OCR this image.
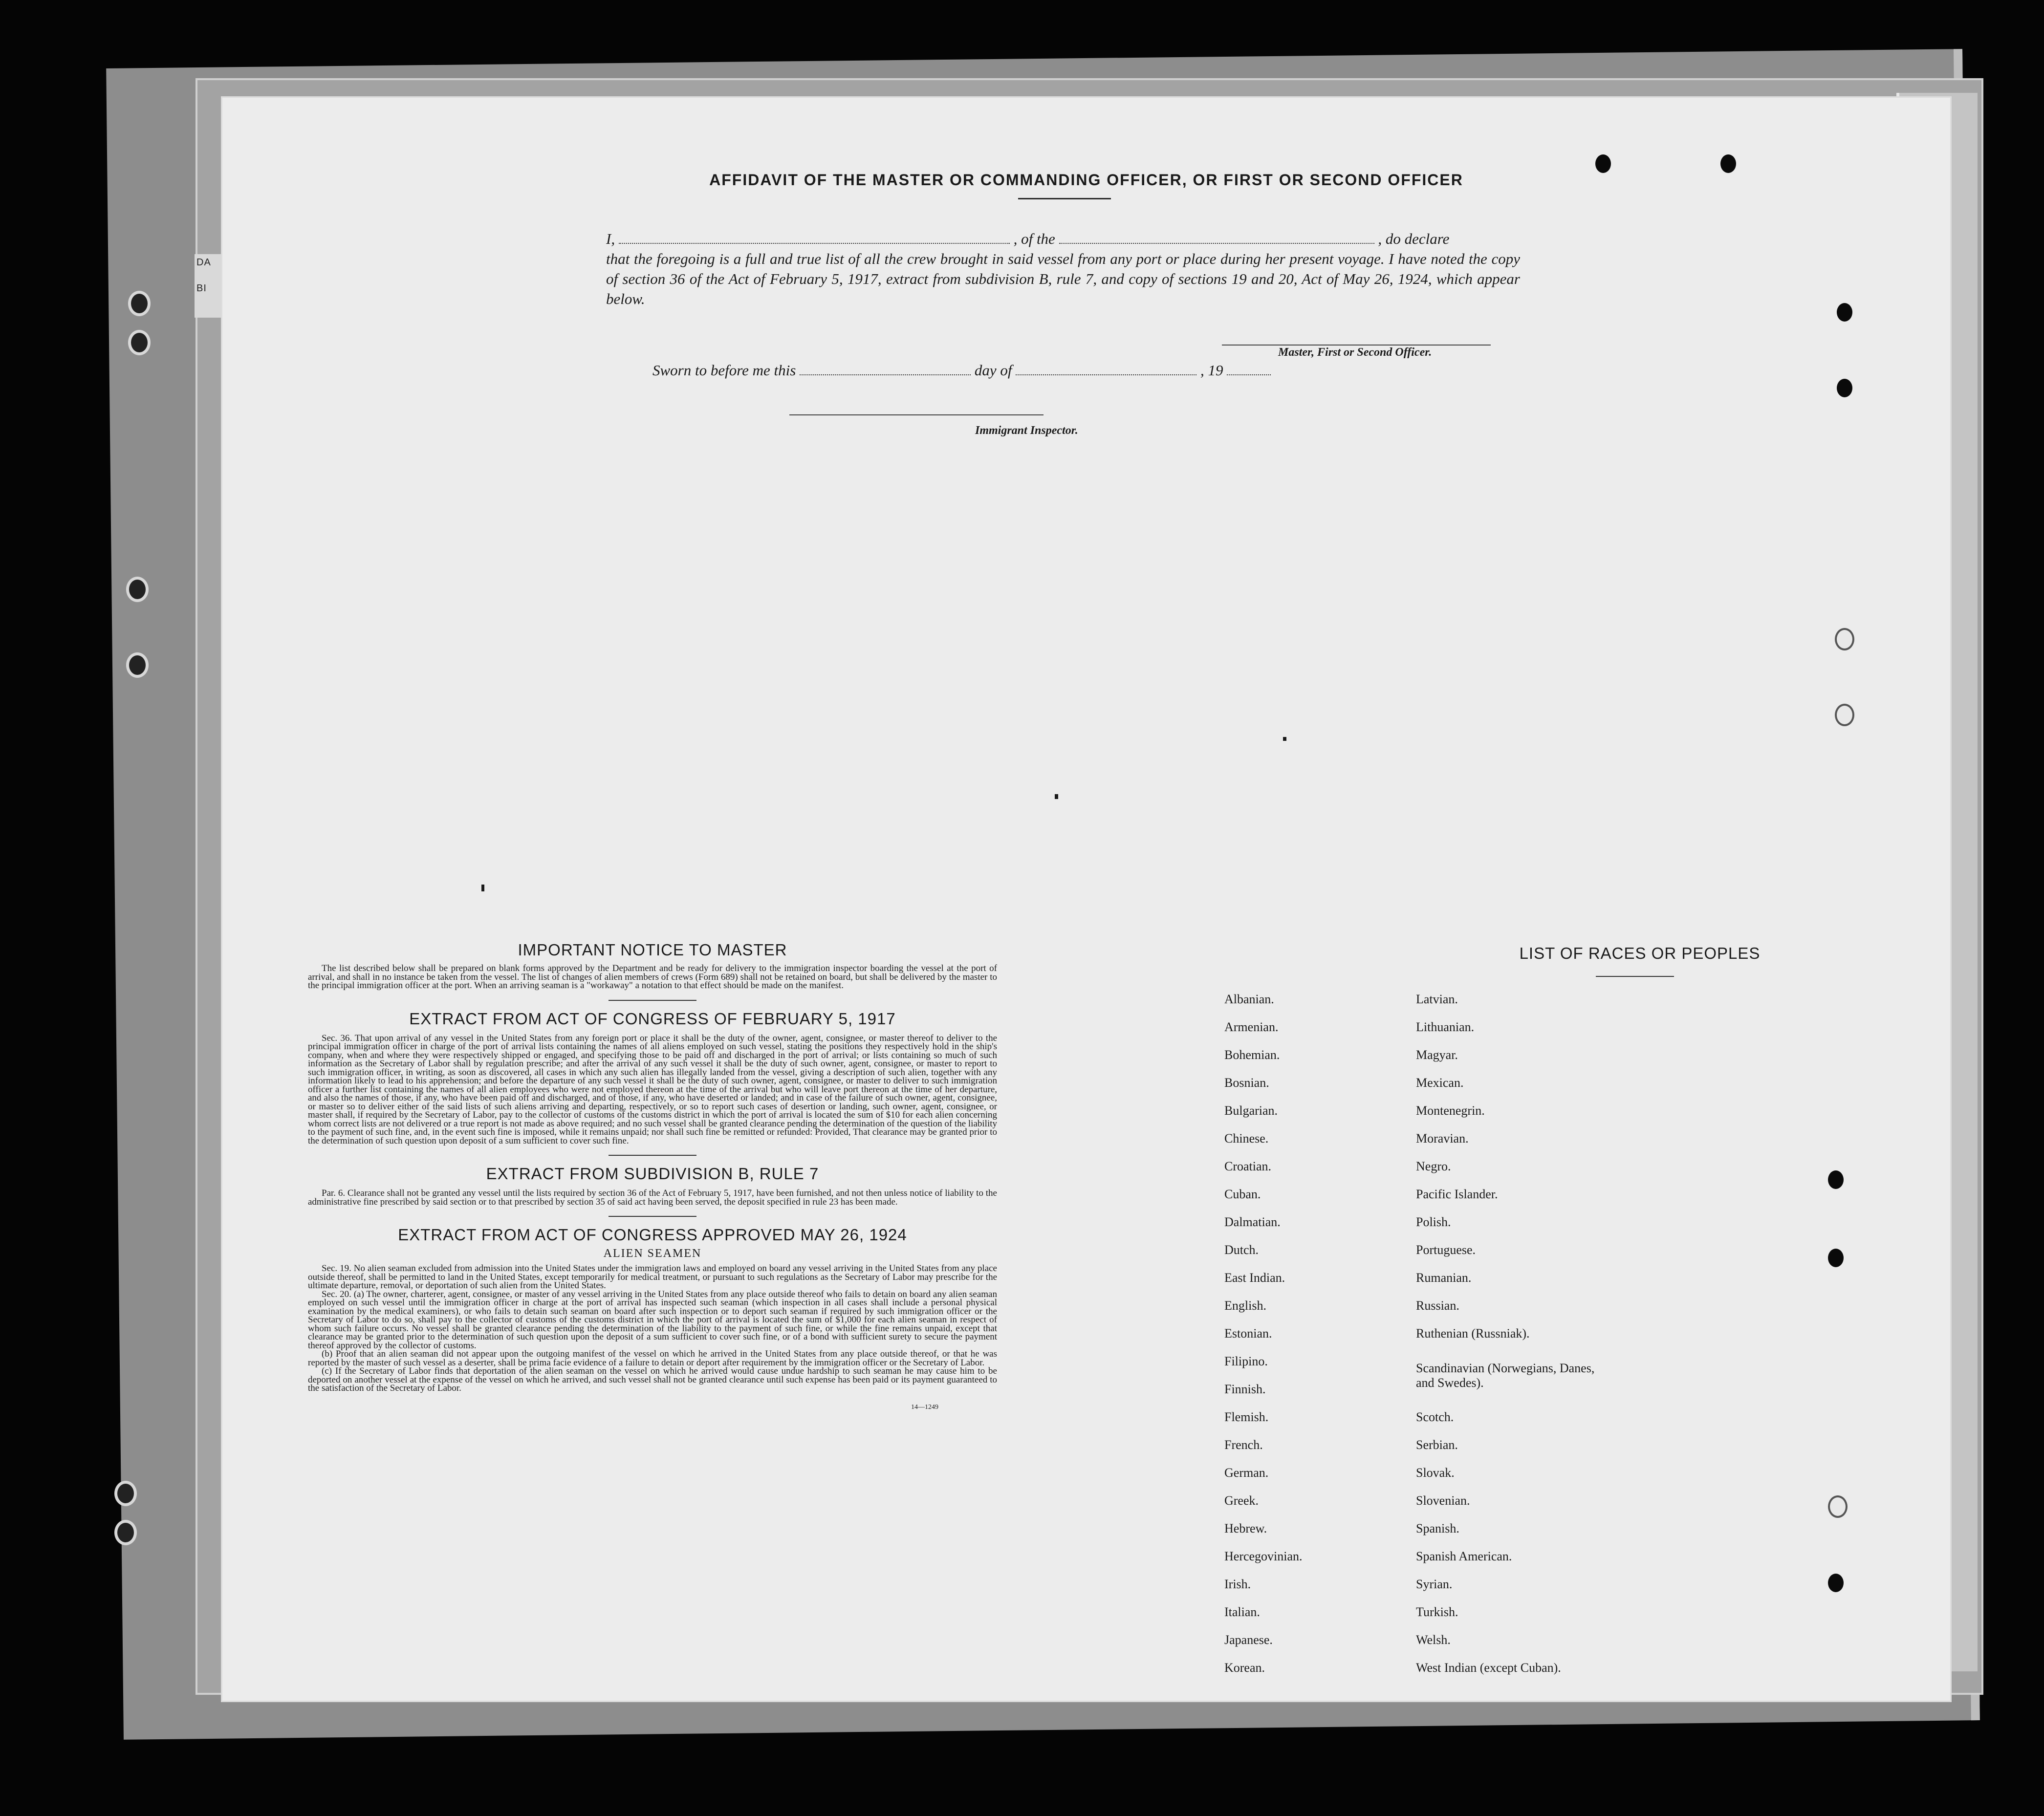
DA
BI
AFFIDAVIT OF THE MASTER OR COMMANDING OFFICER, OR FIRST OR SECOND OFFICER
I,	, of the	, do declare
that the foregoing is a full and true list of all the crew brought in said vessel from any port or place during her present voyage. I have noted the copy of section 36 of the Act of February 5, 1917, extract from subdivision B, rule 7, and copy of sections 19 and 20, Act of May 26, 1924, which appear below.
Master, First or Second Officer.
Sworn to before me this	day of	, 19
Immigrant Inspector.
IMPORTANT NOTICE TO MASTER

The list described below shall be prepared on blank forms approved by the Department and be ready for delivery to the immigration inspector boarding the vessel at the port of arrival, and shall in no instance be taken from the vessel. The list of changes of alien members of crews (Form 689) shall not be retained on board, but shall be delivered by the master to the principal immigration officer at the port. When an arriving seaman is a "workaway" a notation to that effect should be made on the manifest.

EXTRACT FROM ACT OF CONGRESS OF FEBRUARY 5, 1917

Sec. 36. That upon arrival of any vessel in the United States from any foreign port or place it shall be the duty of the owner, agent, consignee, or master thereof to deliver to the principal immigration officer in charge of the port of arrival lists containing the names of all aliens employed on such vessel, stating the positions they respectively hold in the ship's company, when and where they were respectively shipped or engaged, and specifying those to be paid off and discharged in the port of arrival; or lists containing so much of such information as the Secretary of Labor shall by regulation prescribe; and after the arrival of any such vessel it shall be the duty of such owner, agent, consignee, or master to report to such immigration officer, in writing, as soon as discovered, all cases in which any such alien has illegally landed from the vessel, giving a description of such alien, together with any information likely to lead to his apprehension; and before the departure of any such vessel it shall be the duty of such owner, agent, consignee, or master to deliver to such immigration officer a further list containing the names of all alien employees who were not employed thereon at the time of the arrival but who will leave port thereon at the time of her departure, and also the names of those, if any, who have been paid off and discharged, and of those, if any, who have deserted or landed; and in case of the failure of such owner, agent, consignee, or master so to deliver either of the said lists of such aliens arriving and departing, respectively, or so to report such cases of desertion or landing, such owner, agent, consignee, or master shall, if required by the Secretary of Labor, pay to the collector of customs of the customs district in which the port of arrival is located the sum of $10 for each alien concerning whom correct lists are not delivered or a true report is not made as above required; and no such vessel shall be granted clearance pending the determination of the question of the liability to the payment of such fine, and, in the event such fine is imposed, while it remains unpaid; nor shall such fine be remitted or refunded: Provided, That clearance may be granted prior to the determination of such question upon deposit of a sum sufficient to cover such fine.

EXTRACT FROM SUBDIVISION B, RULE 7

Par. 6. Clearance shall not be granted any vessel until the lists required by section 36 of the Act of February 5, 1917, have been furnished, and not then unless notice of liability to the administrative fine prescribed by said section or to that prescribed by section 35 of said act having been served, the deposit specified in rule 23 has been made.

EXTRACT FROM ACT OF CONGRESS APPROVED MAY 26, 1924
ALIEN SEAMEN

Sec. 19. No alien seaman excluded from admission into the United States under the immigration laws and employed on board any vessel arriving in the United States from any place outside thereof, shall be permitted to land in the United States, except temporarily for medical treatment, or pursuant to such regulations as the Secretary of Labor may prescribe for the ultimate departure, removal, or deportation of such alien from the United States.

Sec. 20. (a) The owner, charterer, agent, consignee, or master of any vessel arriving in the United States from any place outside thereof who fails to detain on board any alien seaman employed on such vessel until the immigration officer in charge at the port of arrival has inspected such seaman (which inspection in all cases shall include a personal physical examination by the medical examiners), or who fails to detain such seaman on board after such inspection or to deport such seaman if required by such immigration officer or the Secretary of Labor to do so, shall pay to the collector of customs of the customs district in which the port of arrival is located the sum of $1,000 for each alien seaman in respect of whom such failure occurs. No vessel shall be granted clearance pending the determination of the liability to the payment of such fine, or while the fine remains unpaid, except that clearance may be granted prior to the determination of such question upon the deposit of a sum sufficient to cover such fine, or of a bond with sufficient surety to secure the payment thereof approved by the collector of customs.

(b) Proof that an alien seaman did not appear upon the outgoing manifest of the vessel on which he arrived in the United States from any place outside thereof, or that he was reported by the master of such vessel as a deserter, shall be prima facie evidence of a failure to detain or deport after requirement by the immigration officer or the Secretary of Labor.

(c) If the Secretary of Labor finds that deportation of the alien seaman on the vessel on which he arrived would cause undue hardship to such seaman he may cause him to be deported on another vessel at the expense of the vessel on which he arrived, and such vessel shall not be granted clearance until such expense has been paid or its payment guaranteed to the satisfaction of the Secretary of Labor.

14—1249
LIST OF RACES OR PEOPLES
Albanian.
Armenian.
Bohemian.
Bosnian.
Bulgarian.
Chinese.
Croatian.
Cuban.
Dalmatian.
Dutch.
East Indian.
English.
Estonian.
Filipino.
Finnish.
Flemish.
French.
German.
Greek.
Hebrew.
Hercegovinian.
Irish.
Italian.
Japanese.
Korean.
Latvian.
Lithuanian.
Magyar.
Mexican.
Montenegrin.
Moravian.
Negro.
Pacific Islander.
Polish.
Portuguese.
Rumanian.
Russian.
Ruthenian (Russniak).
Scandinavian (Norwegians, Danes, and Swedes).
Scotch.
Serbian.
Slovak.
Slovenian.
Spanish.
Spanish American.
Syrian.
Turkish.
Welsh.
West Indian (except Cuban).
